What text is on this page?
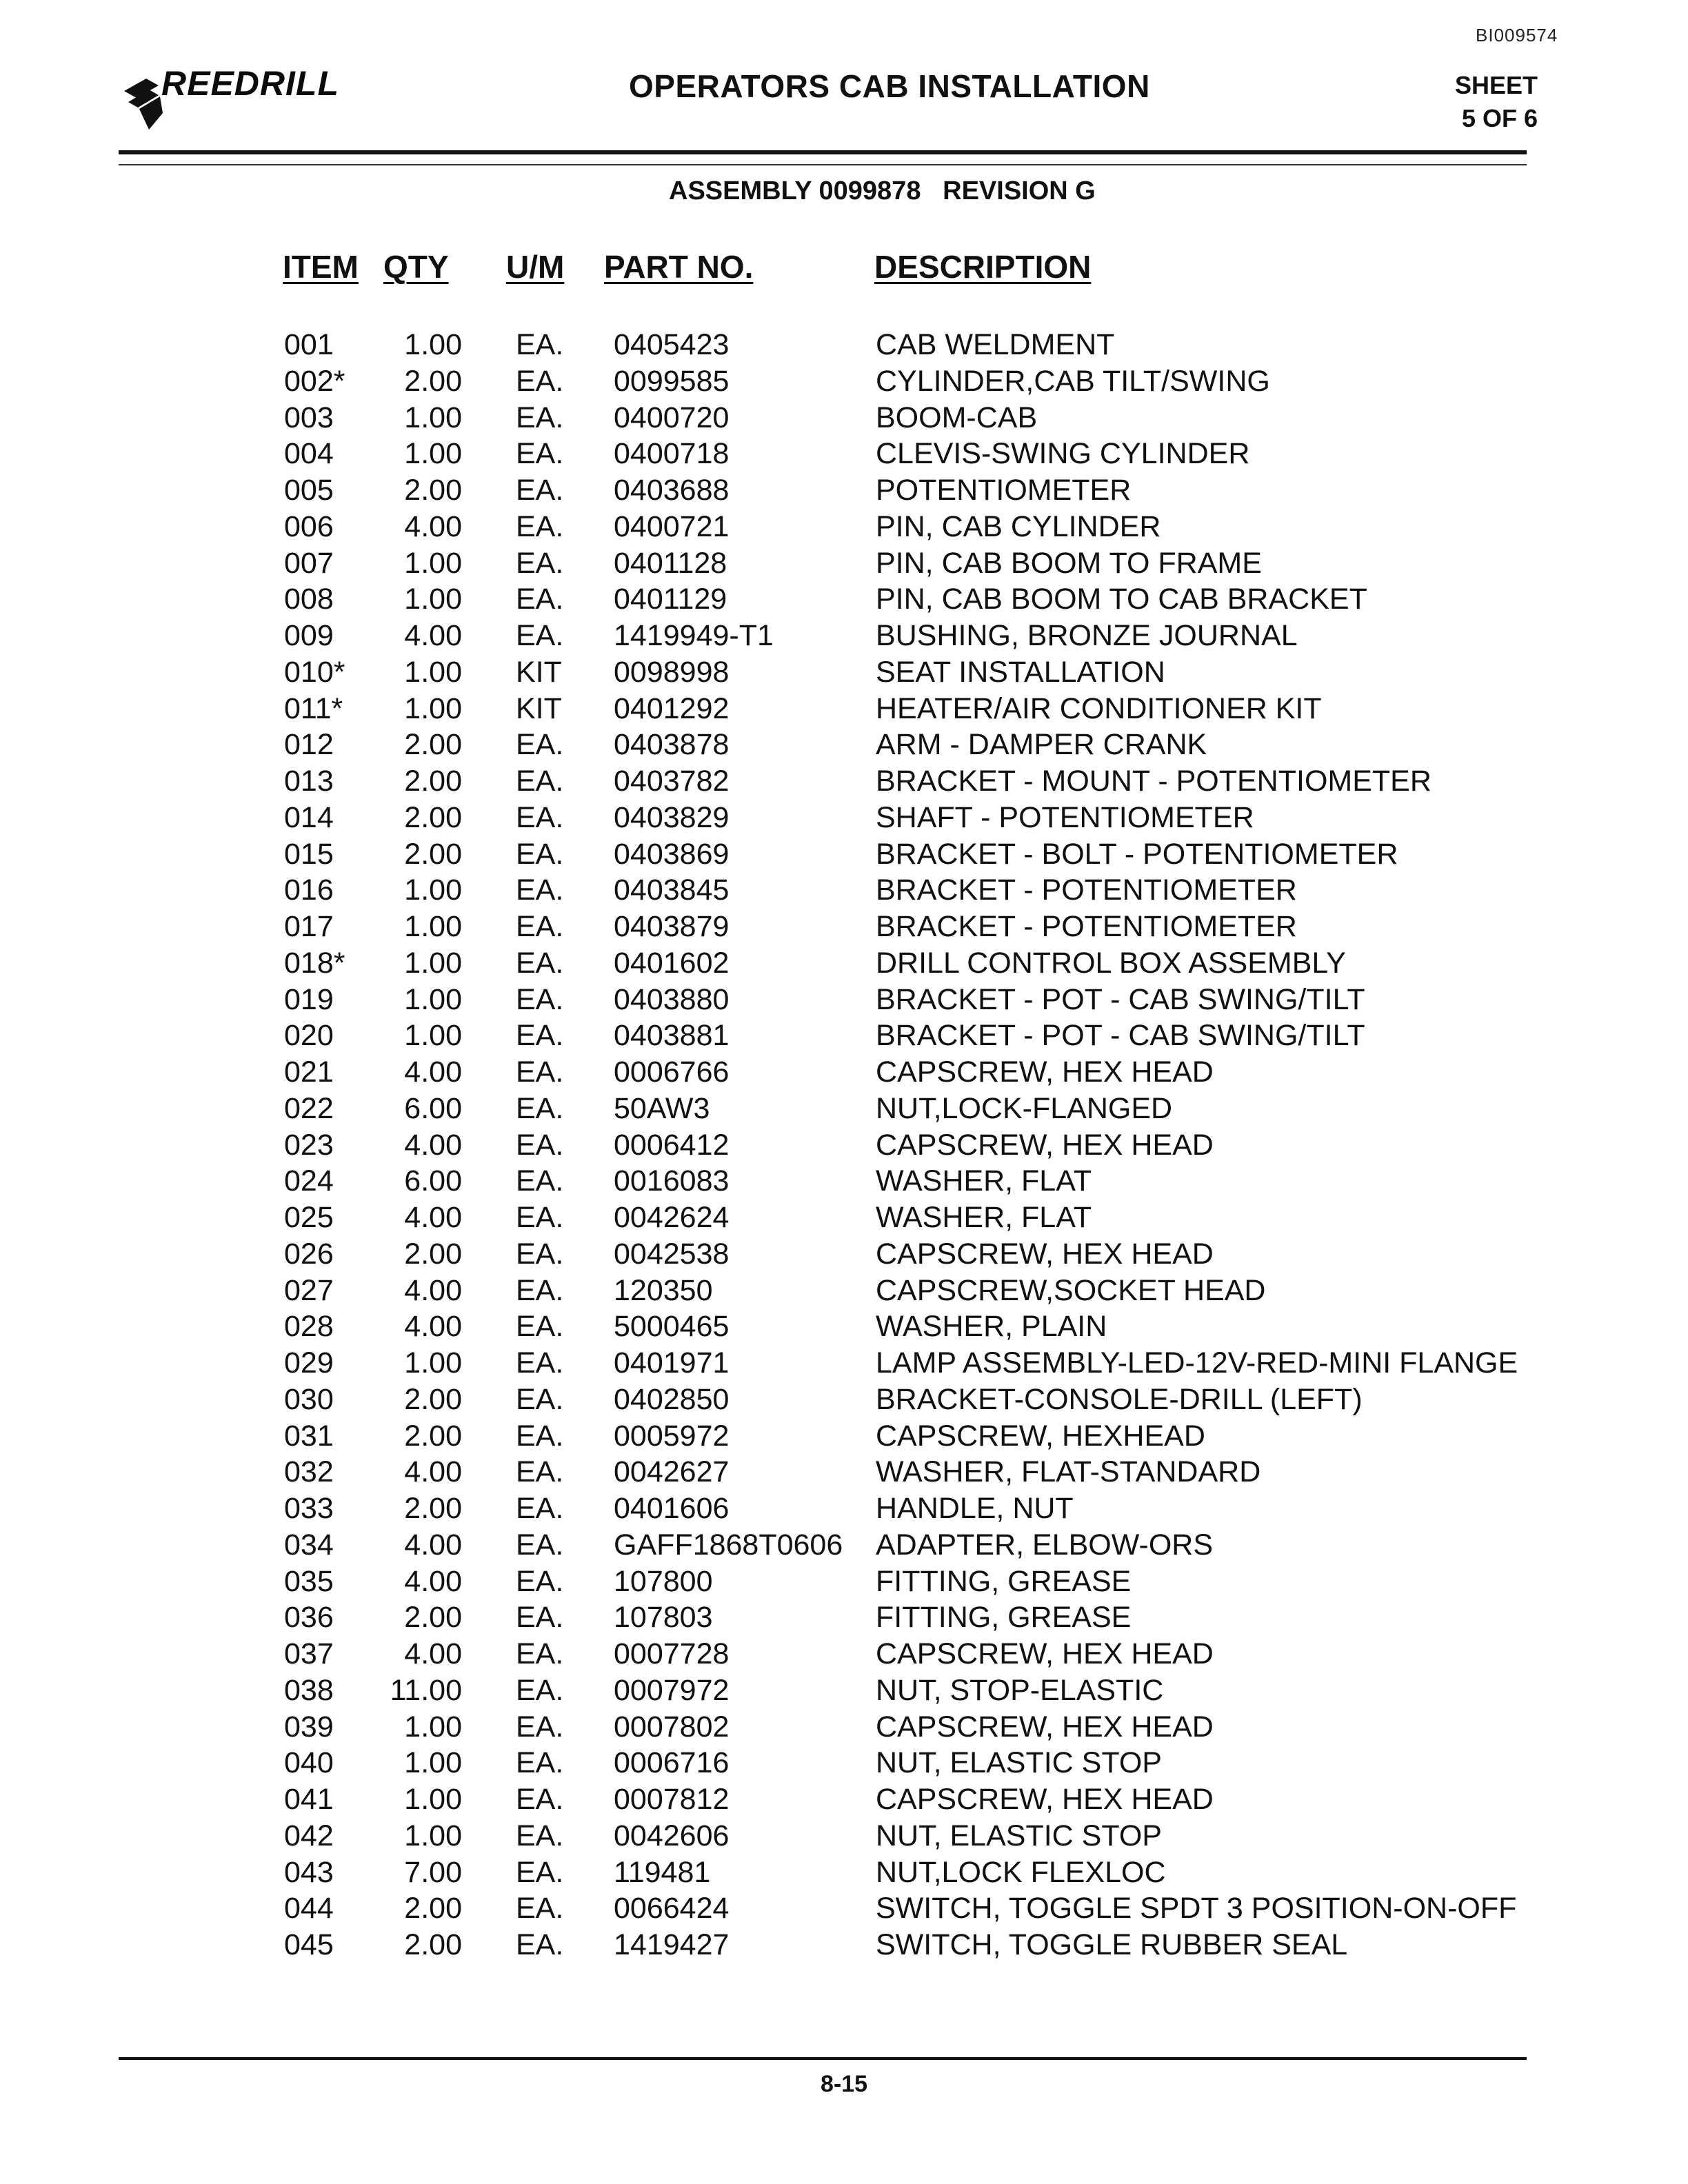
BI009574
REEDRILL	OPERATORS CAB INSTALLATION	SHEET
5 OF 6
ASSEMBLY 0099878   REVISION G
ITEM QTY U/M PART NO.	DESCRIPTION
001	1.00 EA. 0405423	CAB WELDMENT
002*	2.00 EA. 0099585	CYLINDER,CAB TILT/SWING
003	1.00 EA. 0400720	BOOM-CAB
004	1.00 EA. 0400718	CLEVIS-SWING CYLINDER
005	2.00 EA. 0403688	POTENTIOMETER
006	4.00 EA. 0400721	PIN, CAB CYLINDER
007	1.00 EA. 0401128	PIN, CAB BOOM TO FRAME
008	1.00 EA. 0401129	PIN, CAB BOOM TO CAB BRACKET
009	4.00 EA. 1419949-T1	BUSHING, BRONZE JOURNAL
010*	1.00 KIT 0098998	SEAT INSTALLATION
011*	1.00 KIT 0401292	HEATER/AIR CONDITIONER KIT
012	2.00 EA. 0403878	ARM - DAMPER CRANK
013	2.00 EA. 0403782	BRACKET - MOUNT - POTENTIOMETER
014	2.00 EA. 0403829	SHAFT - POTENTIOMETER
015	2.00 EA. 0403869	BRACKET - BOLT - POTENTIOMETER
016	1.00 EA. 0403845	BRACKET - POTENTIOMETER
017	1.00 EA. 0403879	BRACKET - POTENTIOMETER
018*	1.00 EA. 0401602	DRILL CONTROL BOX ASSEMBLY
019	1.00 EA. 0403880	BRACKET - POT - CAB SWING/TILT
020	1.00 EA. 0403881	BRACKET - POT - CAB SWING/TILT
021	4.00 EA. 0006766	CAPSCREW, HEX HEAD
022	6.00 EA. 50AW3	NUT,LOCK-FLANGED
023	4.00 EA. 0006412	CAPSCREW, HEX HEAD
024	6.00 EA. 0016083	WASHER, FLAT
025	4.00 EA. 0042624	WASHER, FLAT
026	2.00 EA. 0042538	CAPSCREW, HEX HEAD
027	4.00 EA. 120350	CAPSCREW,SOCKET HEAD
028	4.00 EA. 5000465	WASHER, PLAIN
029	1.00 EA. 0401971	LAMP ASSEMBLY-LED-12V-RED-MINI FLANGE
030	2.00 EA. 0402850	BRACKET-CONSOLE-DRILL (LEFT)
031	2.00 EA. 0005972	CAPSCREW, HEXHEAD
032	4.00 EA. 0042627	WASHER, FLAT-STANDARD
033	2.00 EA. 0401606	HANDLE, NUT
034	4.00 EA. GAFF1868T0606 ADAPTER, ELBOW-ORS
035	4.00 EA. 107800	FITTING, GREASE
036	2.00 EA. 107803	FITTING, GREASE
037	4.00 EA. 0007728	CAPSCREW, HEX HEAD
038	11.00 EA. 0007972	NUT, STOP-ELASTIC
039	1.00 EA. 0007802	CAPSCREW, HEX HEAD
040	1.00 EA. 0006716	NUT, ELASTIC STOP
041	1.00 EA. 0007812	CAPSCREW, HEX HEAD
042	1.00 EA. 0042606	NUT, ELASTIC STOP
043	7.00 EA. 119481	NUT,LOCK FLEXLOC
044	2.00 EA. 0066424	SWITCH, TOGGLE SPDT 3 POSITION-ON-OFF
045	2.00 EA. 1419427	SWITCH, TOGGLE RUBBER SEAL
8-15
